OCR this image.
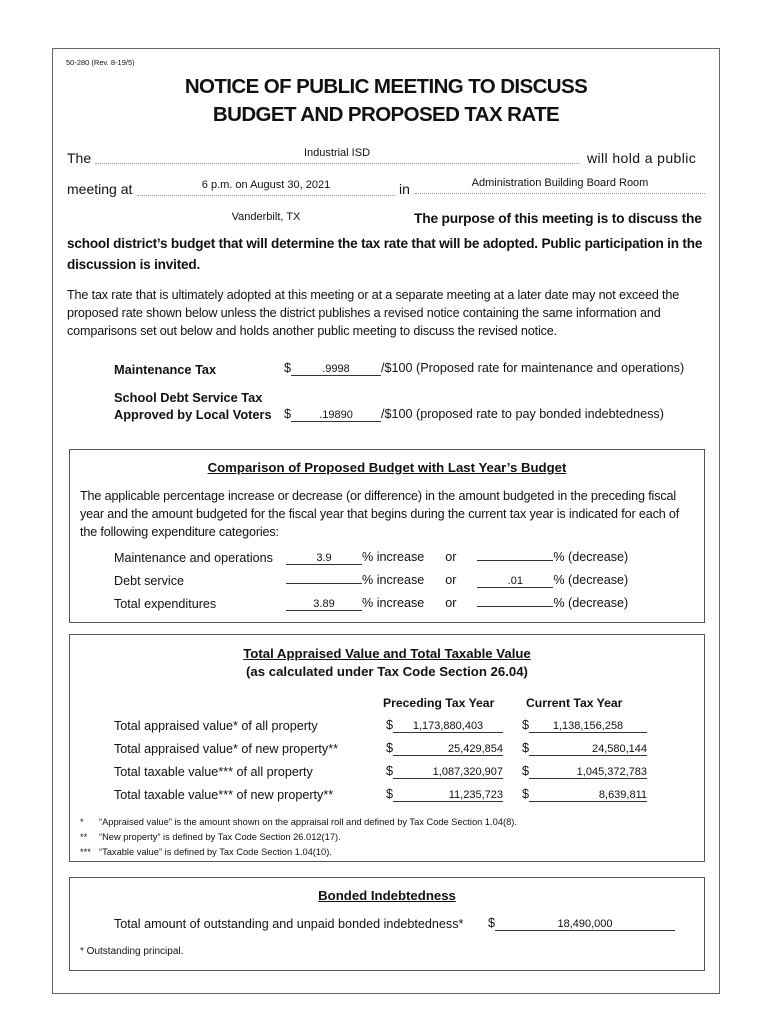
50-280 (Rev. 8-19/5)
NOTICE OF PUBLIC MEETING TO DISCUSS
BUDGET AND PROPOSED TAX RATE
The	Industrial ISD	will hold a public
meeting at	6 p.m. on August 30, 2021	in	Administration Building Board Room
Vanderbilt, TX	The purpose of this meeting is to discuss the
school district’s budget that will determine the tax rate that will be adopted. Public participation in the discussion is invited.
The tax rate that is ultimately adopted at this meeting or at a separate meeting at a later date may not exceed the proposed rate shown below unless the district publishes a revised notice containing the same information and comparisons set out below and holds another public meeting to discuss the revised notice.
Maintenance Tax	$	.9998 /$100 (Proposed rate for maintenance and operations)
School Debt Service Tax
Approved by Local Voters $	.19890 /$100 (proposed rate to pay bonded indebtedness)
Comparison of Proposed Budget with Last Year’s Budget
The applicable percentage increase or decrease (or difference) in the amount budgeted in the preceding fiscal year and the amount budgeted for the fiscal year that begins during the current tax year is indicated for each of the following expenditure categories:
Maintenance and operations	3.9 % increase or	% (decrease)
Debt service	% increase or	.01 % (decrease)
Total expenditures	3.89 % increase or	% (decrease)
Total Appraised Value and Total Taxable Value
(as calculated under Tax Code Section 26.04)
Preceding Tax Year	Current Tax Year
Total appraised value* of all property	$ 1,173,880,403	$ 1,138,156,258
Total appraised value* of new property**	$	25,429,854 $	24,580,144
Total taxable value*** of all property	$	1,087,320,907 $	1,045,372,783
Total taxable value*** of new property**	$	11,235,723 $	8,639,811
* “Appraised value” is the amount shown on the appraisal roll and defined by Tax Code Section 1.04(8).
** “New property” is defined by Tax Code Section 26.012(17).
*** “Taxable value” is defined by Tax Code Section 1.04(10).
Bonded Indebtedness
Total amount of outstanding and unpaid bonded indebtedness* $	18,490,000
* Outstanding principal.
